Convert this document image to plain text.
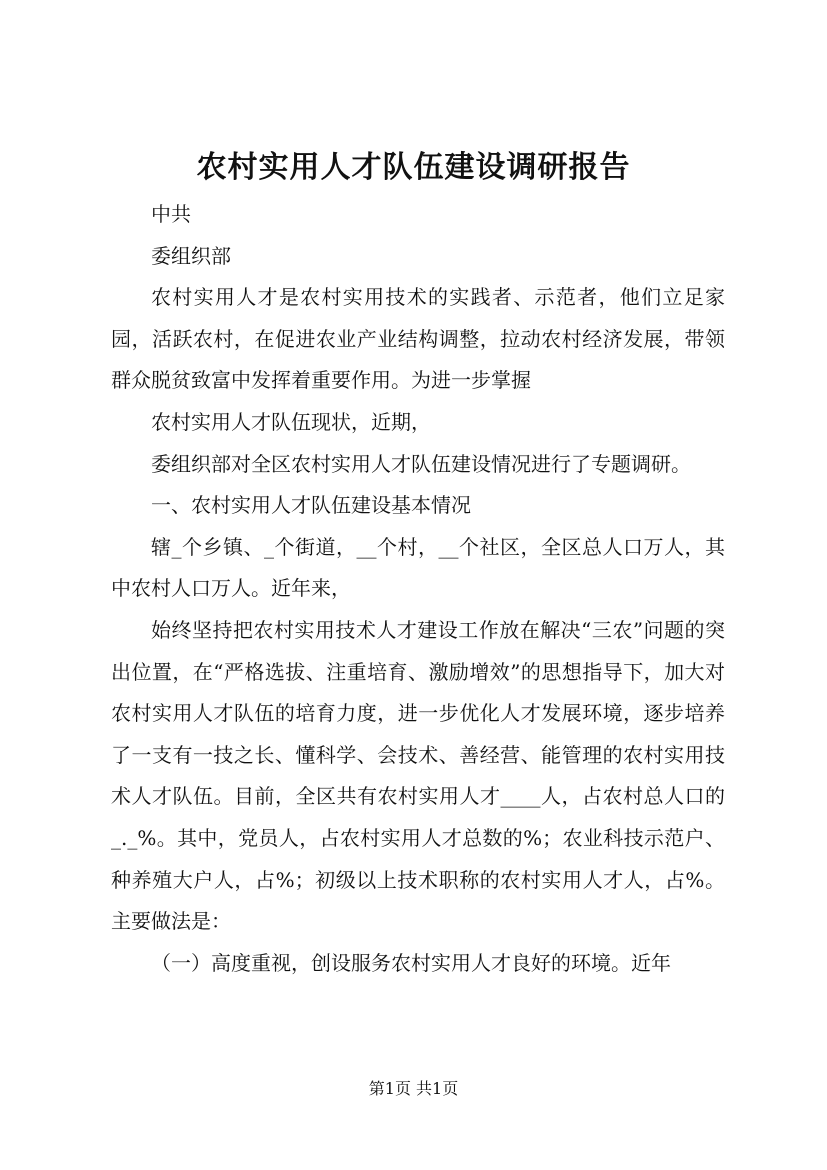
农村实用人才队伍建设调研报告

中共

委组织部

农村实用人才是农村实用技术的实践者、示范者，他们立足家园，活跃农村，在促进农业产业结构调整，拉动农村经济发展，带领群众脱贫致富中发挥着重要作用。为进一步掌握

农村实用人才队伍现状，近期，

委组织部对全区农村实用人才队伍建设情况进行了专题调研。

一、农村实用人才队伍建设基本情况

辖_个乡镇、_个街道，__个村，__个社区，全区总人口万人，其中农村人口万人。近年来，

始终坚持把农村实用技术人才建设工作放在解决“三农”问题的突出位置，在“严格选拔、注重培育、激励增效”的思想指导下，加大对农村实用人才队伍的培育力度，进一步优化人才发展环境，逐步培养了一支有一技之长、懂科学、会技术、善经营、能管理的农村实用技术人才队伍。目前，全区共有农村实用人才____人，占农村总人口的_._%。其中，党员人，占农村实用人才总数的%；农业科技示范户、种养殖大户人，占%；初级以上技术职称的农村实用人才人，占%。主要做法是：

（一）高度重视，创设服务农村实用人才良好的环境。近年

第1页 共1页
